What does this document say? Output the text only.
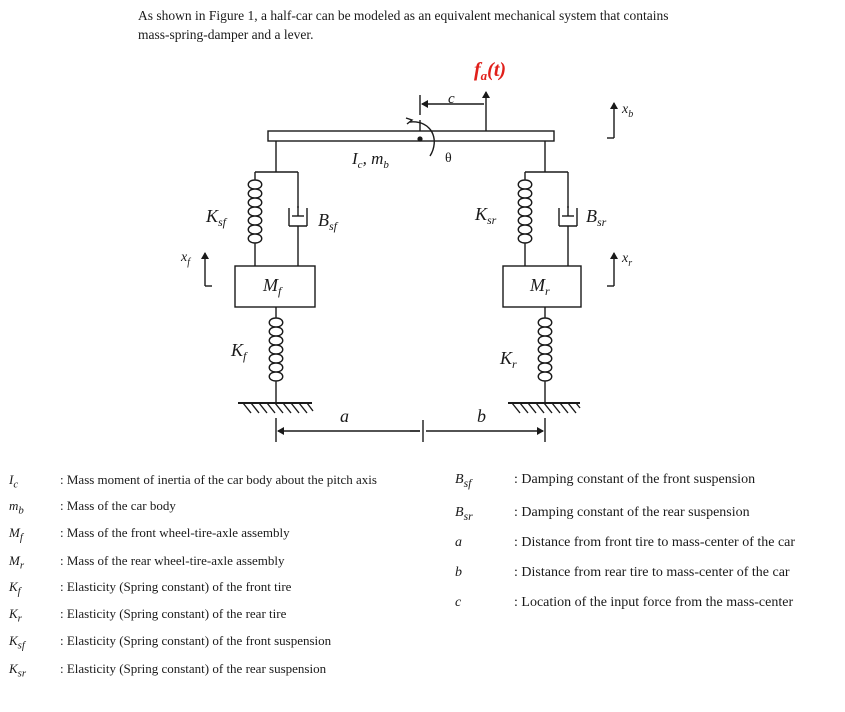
As shown in Figure 1, a half-car can be modeled as an equivalent mechanical system that contains
mass-spring-damper and a lever.
$f_a(t)$
c
$I_c$, $m_b$	θ
$x_b$
$x_f$	$x_r$
$K_{sf}$	$B_{sf}$
$K_{sr}$	$B_{sr}$
$M_f$	$M_r$
$K_f$	$K_r$
a	b
$I_c$	: Mass moment of inertia of the car body about the pitch axis
$m_b$	: Mass of the car body
$M_f$	: Mass of the front wheel-tire-axle assembly
$M_r$	: Mass of the rear wheel-tire-axle assembly
$K_f$	: Elasticity (Spring constant) of the front tire
$K_r$	: Elasticity (Spring constant) of the rear tire
$K_{sf}$	: Elasticity (Spring constant) of the front suspension
$K_{sr}$	: Elasticity (Spring constant) of the rear suspension
$B_{sf}$	: Damping constant of the front suspension
$B_{sr}$	: Damping constant of the rear suspension
a	: Distance from front tire to mass-center of the car
b	: Distance from rear tire to mass-center of the car
c	: Location of the input force from the mass-center
